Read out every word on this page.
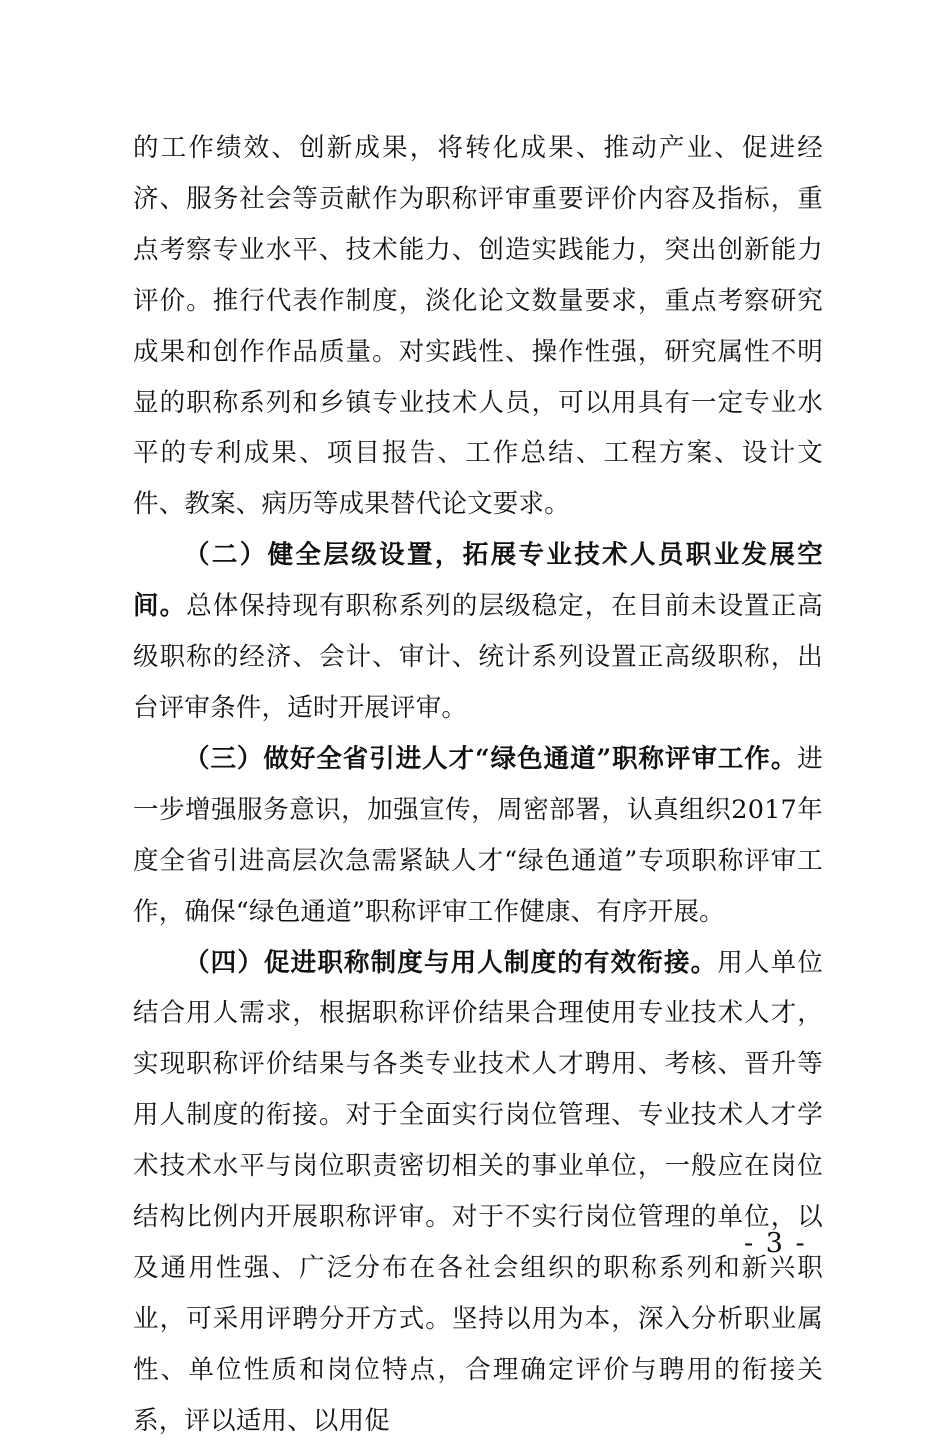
的工作绩效、创新成果，将转化成果、推动产业、促进经济、服务社会等贡献作为职称评审重要评价内容及指标，重点考察专业水平、技术能力、创造实践能力，突出创新能力评价。推行代表作制度，淡化论文数量要求，重点考察研究成果和创作作品质量。对实践性、操作性强，研究属性不明显的职称系列和乡镇专业技术人员，可以用具有一定专业水平的专利成果、项目报告、工作总结、工程方案、设计文件、教案、病历等成果替代论文要求。

（二）健全层级设置，拓展专业技术人员职业发展空间。总体保持现有职称系列的层级稳定，在目前未设置正高级职称的经济、会计、审计、统计系列设置正高级职称，出台评审条件，适时开展评审。

（三）做好全省引进人才“绿色通道”职称评审工作。进一步增强服务意识，加强宣传，周密部署，认真组织2017年度全省引进高层次急需紧缺人才“绿色通道”专项职称评审工作，确保“绿色通道”职称评审工作健康、有序开展。

（四）促进职称制度与用人制度的有效衔接。用人单位结合用人需求，根据职称评价结果合理使用专业技术人才，实现职称评价结果与各类专业技术人才聘用、考核、晋升等用人制度的衔接。对于全面实行岗位管理、专业技术人才学术技术水平与岗位职责密切相关的事业单位，一般应在岗位结构比例内开展职称评审。对于不实行岗位管理的单位，以及通用性强、广泛分布在各社会组织的职称系列和新兴职业，可采用评聘分开方式。坚持以用为本，深入分析职业属性、单位性质和岗位特点，合理确定评价与聘用的衔接关系，评以适用、以用促

- 3 -
